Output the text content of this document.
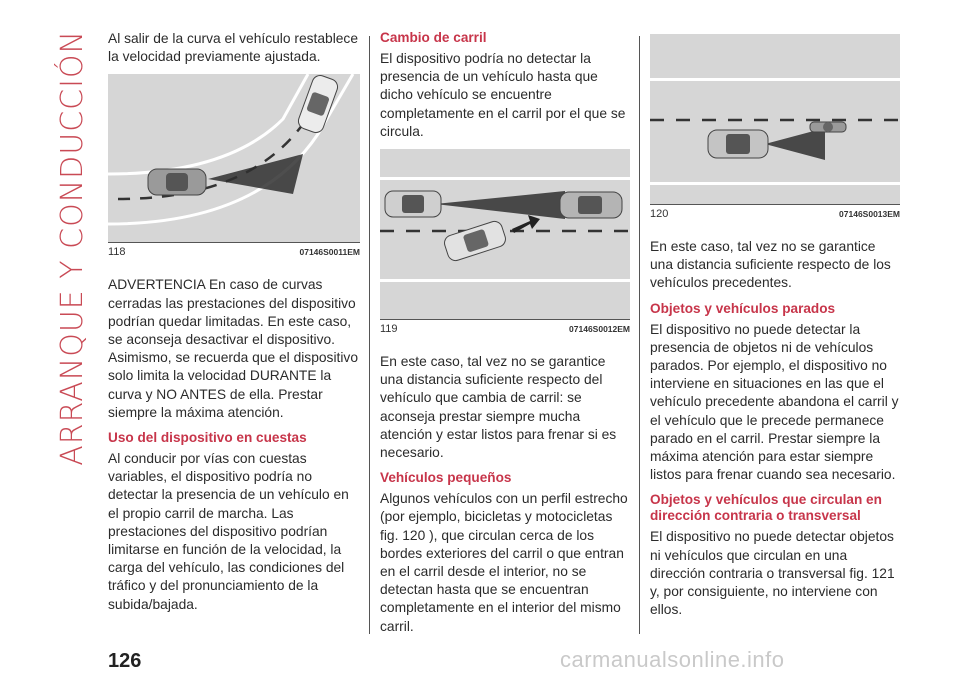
ARRANQUE Y CONDUCCIÓN Al salir de la curva el vehículo restablece la velocidad previamente ajustada.

118	07146S0011EM

ADVERTENCIA En caso de curvas cerradas las prestaciones del dispositivo podrían quedar limitadas. En este caso, se aconseja desactivar el dispositivo. Asimismo, se recuerda que el dispositivo solo limita la velocidad DURANTE la curva y NO ANTES de ella. Prestar siempre la máxima atención.

Uso del dispositivo en cuestas

Al conducir por vías con cuestas variables, el dispositivo podría no detectar la presencia de un vehículo en el propio carril de marcha. Las prestaciones del dispositivo podrían limitarse en función de la velocidad, la carga del vehículo, las condiciones del tráfico y del pronunciamiento de la subida/bajada.

Cambio de carril

El dispositivo podría no detectar la presencia de un vehículo hasta que dicho vehículo se encuentre completamente en el carril por el que se circula.

119	07146S0012EM

En este caso, tal vez no se garantice una distancia suficiente respecto del vehículo que cambia de carril: se aconseja prestar siempre mucha atención y estar listos para frenar si es necesario.

Vehículos pequeños

Algunos vehículos con un perfil estrecho (por ejemplo, bicicletas y motocicletas fig. 120 ), que circulan cerca de los bordes exteriores del carril o que entran en el carril desde el interior, no se detectan hasta que se encuentran completamente en el interior del mismo carril.

120	07146S0013EM

En este caso, tal vez no se garantice una distancia suficiente respecto de los vehículos precedentes.

Objetos y vehículos parados

El dispositivo no puede detectar la presencia de objetos ni de vehículos parados. Por ejemplo, el dispositivo no interviene en situaciones en las que el vehículo precedente abandona el carril y el vehículo que le precede permanece parado en el carril. Prestar siempre la máxima atención para estar siempre listos para frenar cuando sea necesario.

Objetos y vehículos que circulan en dirección contraria o transversal

El dispositivo no puede detectar objetos ni vehículos que circulan en una dirección contraria o transversal fig. 121 y, por consiguiente, no interviene con ellos.

126	carmanualsonline.info
